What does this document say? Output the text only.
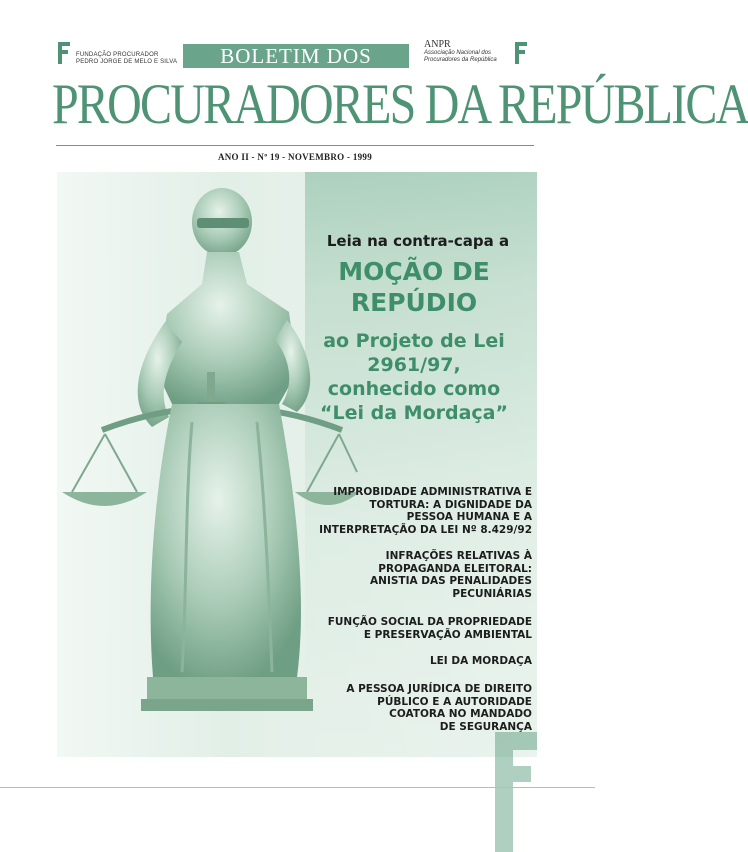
FUNDAÇÃO PROCURADOR
PEDRO JORGE DE MELO E SILVA	BOLETIM DOS	ANPR
Associação Nacional dos
Procuradores da República
PROCURADORES DA REPÚBLICA
ANO II - Nº 19 - NOVEMBRO - 1999
Leia na contra-capa a
MOÇÃO DE
REPÚDIO
ao Projeto de Lei
2961/97,
conhecido como
“Lei da Mordaça”
IMPROBIDADE ADMINISTRATIVA E
TORTURA: A DIGNIDADE DA
PESSOA HUMANA E A
INTERPRETAÇÃO DA LEI Nº 8.429/92
INFRAÇÕES RELATIVAS À
PROPAGANDA ELEITORAL:
ANISTIA DAS PENALIDADES
PECUNIÁRIAS
FUNÇÃO SOCIAL DA PROPRIEDADE
E PRESERVAÇÃO AMBIENTAL
LEI DA MORDAÇA
A PESSOA JURÍDICA DE DIREITO
PÚBLICO E A AUTORIDADE
COATORA NO MANDADO
DE SEGURANÇA
